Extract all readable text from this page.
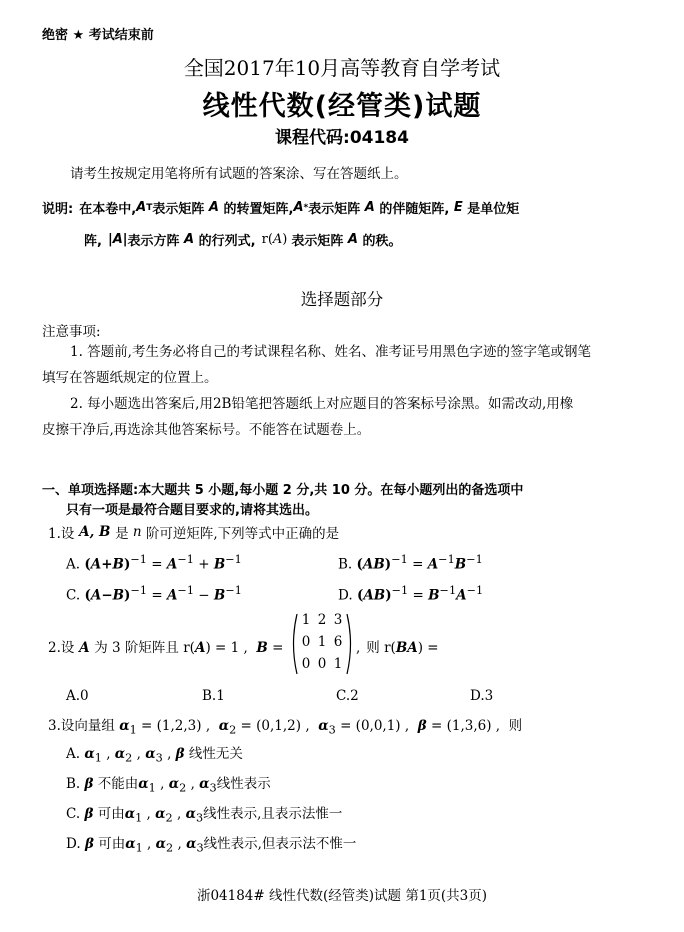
绝密 ★ 考试结束前
全国2017年10月高等教育自学考试
线性代数(经管类)试题
课程代码:04184
请考生按规定用笔将所有试题的答案涂、写在答题纸上。
说明: 在本卷中, A T 表示矩阵 A 的转置矩阵, A * 表示矩阵 A 的伴随矩阵, E 是单位矩
阵, |A| 表示方阵 A 的行列式, r(A) 表示矩阵 A 的秩。
选择题部分
注意事项:
1. 答题前,考生务必将自己的考试课程名称、姓名、准考证号用黑色字迹的签字笔或钢笔
填写在答题纸规定的位置上。
2. 每小题选出答案后,用2B铅笔把答题纸上对应题目的答案标号涂黑。如需改动,用橡
皮擦干净后,再选涂其他答案标号。不能答在试题卷上。
一、单项选择题:本大题共 5 小题,每小题 2 分,共 10 分。在每小题列出的备选项中
只有一项是最符合题目要求的,请将其选出。
1.设 A, B 是 n 阶可逆矩阵,下列等式中正确的是
A. $(A+B)^{-1} = A^{-1} + B^{-1}$	B. $(AB)^{-1} = A^{-1}B^{-1}$
C. $(A-B)^{-1} = A^{-1} - B^{-1}$	D. $(AB)^{-1} = B^{-1}A^{-1}$
2.设 A 为 3 阶矩阵且 r(A) = 1 ,  B =
1 2 3
0 1 6
0 0 1
, 则 r(BA) =
A.0	B.1	C.2	D.3
3.设向量组 $\alpha_1 = (1,2,3)$ ,  $\alpha_2 = (0,1,2)$ ,  $\alpha_3 = (0,0,1)$ ,  β = (1,3,6) ,  则
A. $\alpha_1$ , $\alpha_2$ , $\alpha_3$ , β 线性无关
B. β 不能由$\alpha_1$ , $\alpha_2$ , $\alpha_3$线性表示
C. β 可由$\alpha_1$ , $\alpha_2$ , $\alpha_3$线性表示,且表示法惟一
D. β 可由$\alpha_1$ , $\alpha_2$ , $\alpha_3$线性表示,但表示法不惟一
浙04184# 线性代数(经管类)试题 第1页(共3页)
